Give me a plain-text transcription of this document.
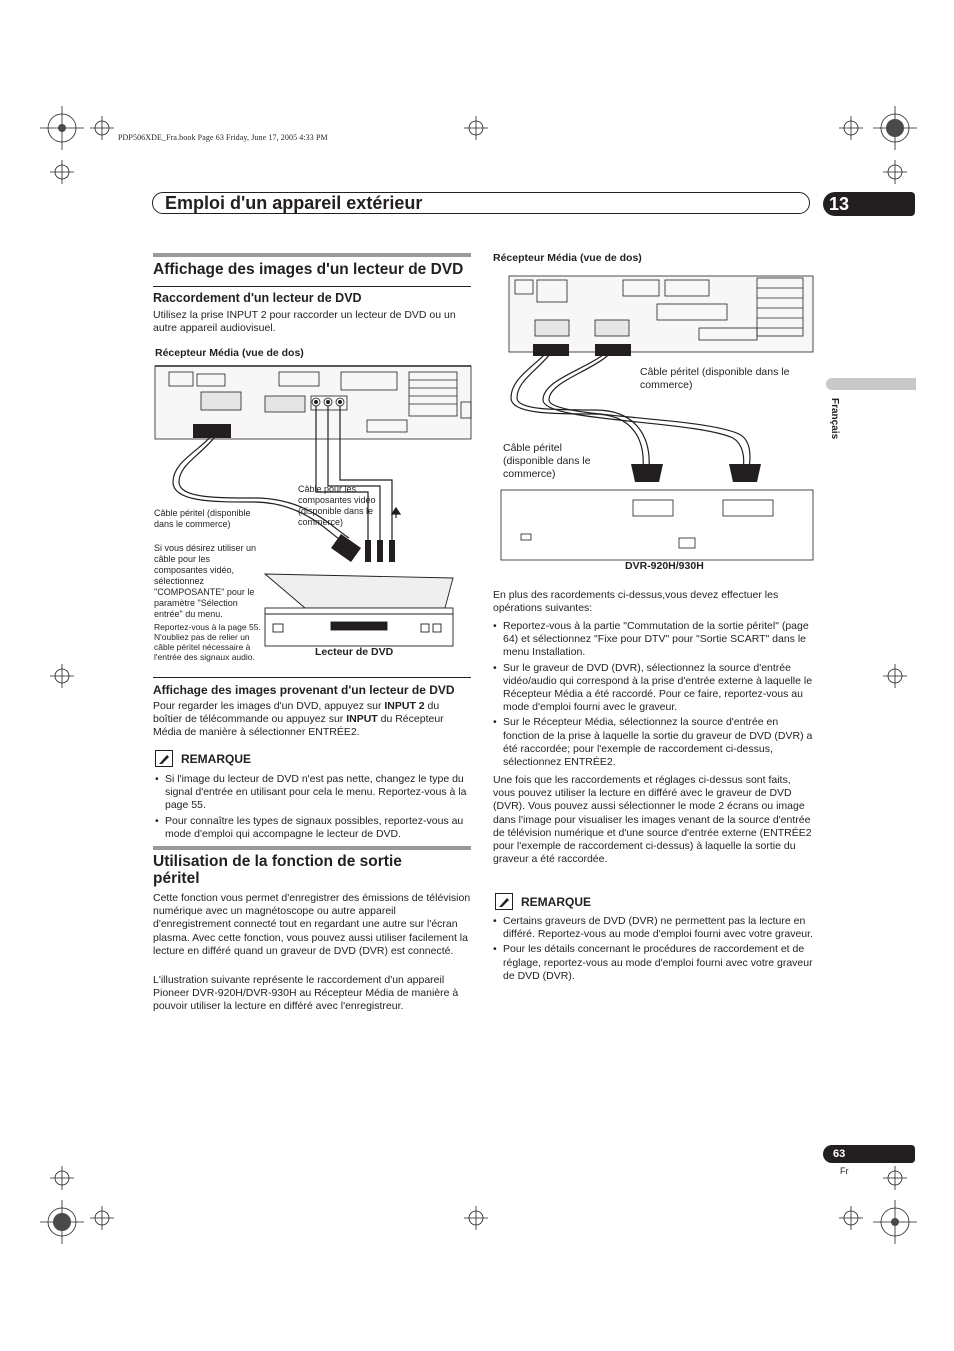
PDP506XDE_Fra.book Page 63 Friday, June 17, 2005 4:33 PM
Emploi d'un appareil extérieur	13
Français
Affichage des images d'un lecteur de DVD
Raccordement d'un lecteur de DVD
Utilisez la prise INPUT 2 pour raccorder un lecteur de DVD ou un autre appareil audiovisuel.
Récepteur Média (vue de dos)
Câble pour les composantes vidéo (disponible dans le commerce)
Câble péritel (disponible dans le commerce)
Si vous désirez utiliser un câble pour les composantes vidéo, sélectionnez "COMPOSANTE" pour le paramètre "Sélection entrée" du menu.
Reportez-vous à la page 55. N'oubliez pas de relier un câble péritel nécessaire à l'entrée des signaux audio.	Lecteur de DVD
Affichage des images provenant d'un lecteur de DVD
Pour regarder les images d'un DVD, appuyez sur INPUT 2 du boîtier de télécommande ou appuyez sur INPUT du Récepteur Média de manière à sélectionner ENTRÉE2.
REMARQUE
• Si l'image du lecteur de DVD n'est pas nette, changez le type du signal d'entrée en utilisant pour cela le menu. Reportez-vous à la page 55.
• Pour connaître les types de signaux possibles, reportez-vous au mode d'emploi qui accompagne le lecteur de DVD.
Utilisation de la fonction de sortie
péritel
Cette fonction vous permet d'enregistrer des émissions de télévision numérique avec un magnétoscope ou autre appareil d'enregistrement connecté tout en regardant une autre sur l'écran plasma. Avec cette fonction, vous pouvez aussi utiliser facilement la lecture en différé quand un graveur de DVD (DVR) est connecté.
L'illustration suivante représente le raccordement d'un appareil Pioneer DVR-920H/DVR-930H au Récepteur Média de manière à pouvoir utiliser la lecture en différé avec l'enregistreur.
Récepteur Média (vue de dos)
Câble péritel (disponible dans le commerce)
Câble péritel (disponible dans le commerce)
DVR-920H/930H
En plus des racordements ci-dessus,vous devez effectuer les opérations suivantes:
• Reportez-vous à la partie "Commutation de la sortie péritel" (page 64) et sélectionnez "Fixe pour DTV" pour "Sortie SCART" dans le menu Installation.
• Sur le graveur de DVD (DVR), sélectionnez la source d'entrée vidéo/audio qui correspond à la prise d'entrée externe à laquelle le Récepteur Média a été raccordé. Pour ce faire, reportez-vous au mode d'emploi fourni avec le graveur.
• Sur le Récepteur Média, sélectionnez la source d'entrée en fonction de la prise à laquelle la sortie du graveur de DVD (DVR) a été raccordée; pour l'exemple de raccordement ci-dessus, sélectionnez ENTRÉE2.
Une fois que les raccordements et réglages ci-dessus sont faits, vous pouvez utiliser la lecture en différé avec le graveur de DVD (DVR). Vous pouvez aussi sélectionner le mode 2 écrans ou image dans l'image pour visualiser les images venant de la source d'entrée de télévision numérique et d'une source d'entrée externe (ENTRÉE2 pour l'exemple de raccordement ci-dessus) à laquelle la sortie du graveur a été raccordée.
REMARQUE
• Certains graveurs de DVD (DVR) ne permettent pas la lecture en différé. Reportez-vous au mode d'emploi fourni avec votre graveur.
• Pour les détails concernant le procédures de raccordement et de réglage, reportez-vous au mode d'emploi fourni avec votre graveur de DVD (DVR).
63
Fr
